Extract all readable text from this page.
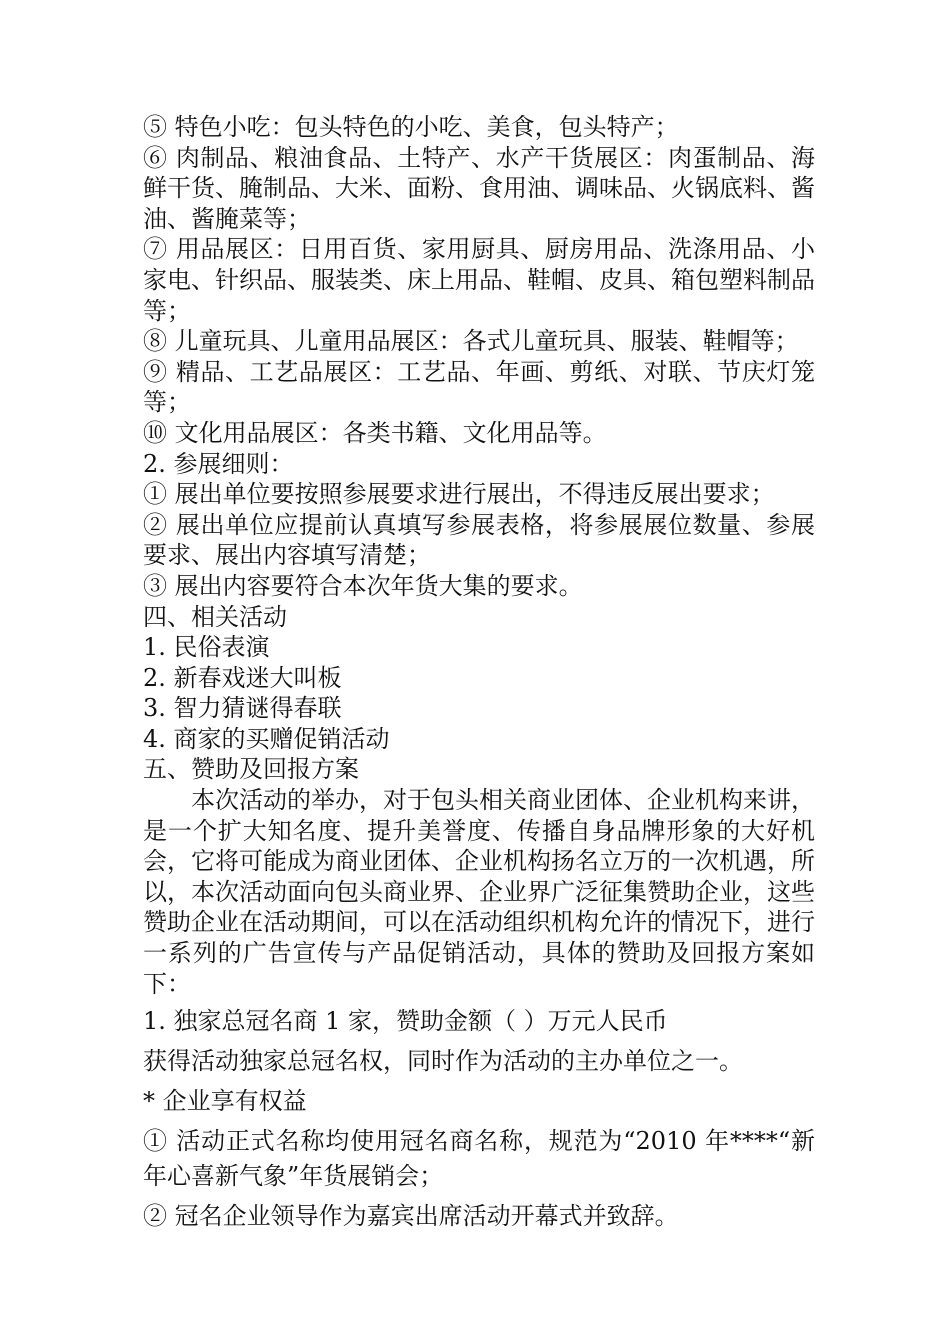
⑤ 特色小吃：包头特色的小吃、美食，包头特产；
⑥ 肉制品、粮油食品、土特产、水产干货展区：肉蛋制品、海鲜干货、腌制品、大米、面粉、食用油、调味品、火锅底料、酱油、酱腌菜等；
⑦ 用品展区：日用百货、家用厨具、厨房用品、洗涤用品、小家电、针织品、服装类、床上用品、鞋帽、皮具、箱包塑料制品等；
⑧ 儿童玩具、儿童用品展区：各式儿童玩具、服装、鞋帽等；
⑨ 精品、工艺品展区：工艺品、年画、剪纸、对联、节庆灯笼等；
⑩ 文化用品展区：各类书籍、文化用品等。
2. 参展细则：
① 展出单位要按照参展要求进行展出，不得违反展出要求；
② 展出单位应提前认真填写参展表格，将参展展位数量、参展要求、展出内容填写清楚；
③ 展出内容要符合本次年货大集的要求。
四、相关活动
1. 民俗表演
2. 新春戏迷大叫板
3. 智力猜谜得春联
4. 商家的买赠促销活动
五、赞助及回报方案
本次活动的举办，对于包头相关商业团体、企业机构来讲，是一个扩大知名度、提升美誉度、传播自身品牌形象的大好机会，它将可能成为商业团体、企业机构扬名立万的一次机遇，所以，本次活动面向包头商业界、企业界广泛征集赞助企业，这些赞助企业在活动期间，可以在活动组织机构允许的情况下，进行一系列的广告宣传与产品促销活动，具体的赞助及回报方案如下：
1. 独家总冠名商 1 家，赞助金额（ ）万元人民币
获得活动独家总冠名权，同时作为活动的主办单位之一。
* 企业享有权益
① 活动正式名称均使用冠名商名称，规范为“2010 年****“新年心喜新气象”年货展销会；
② 冠名企业领导作为嘉宾出席活动开幕式并致辞。
